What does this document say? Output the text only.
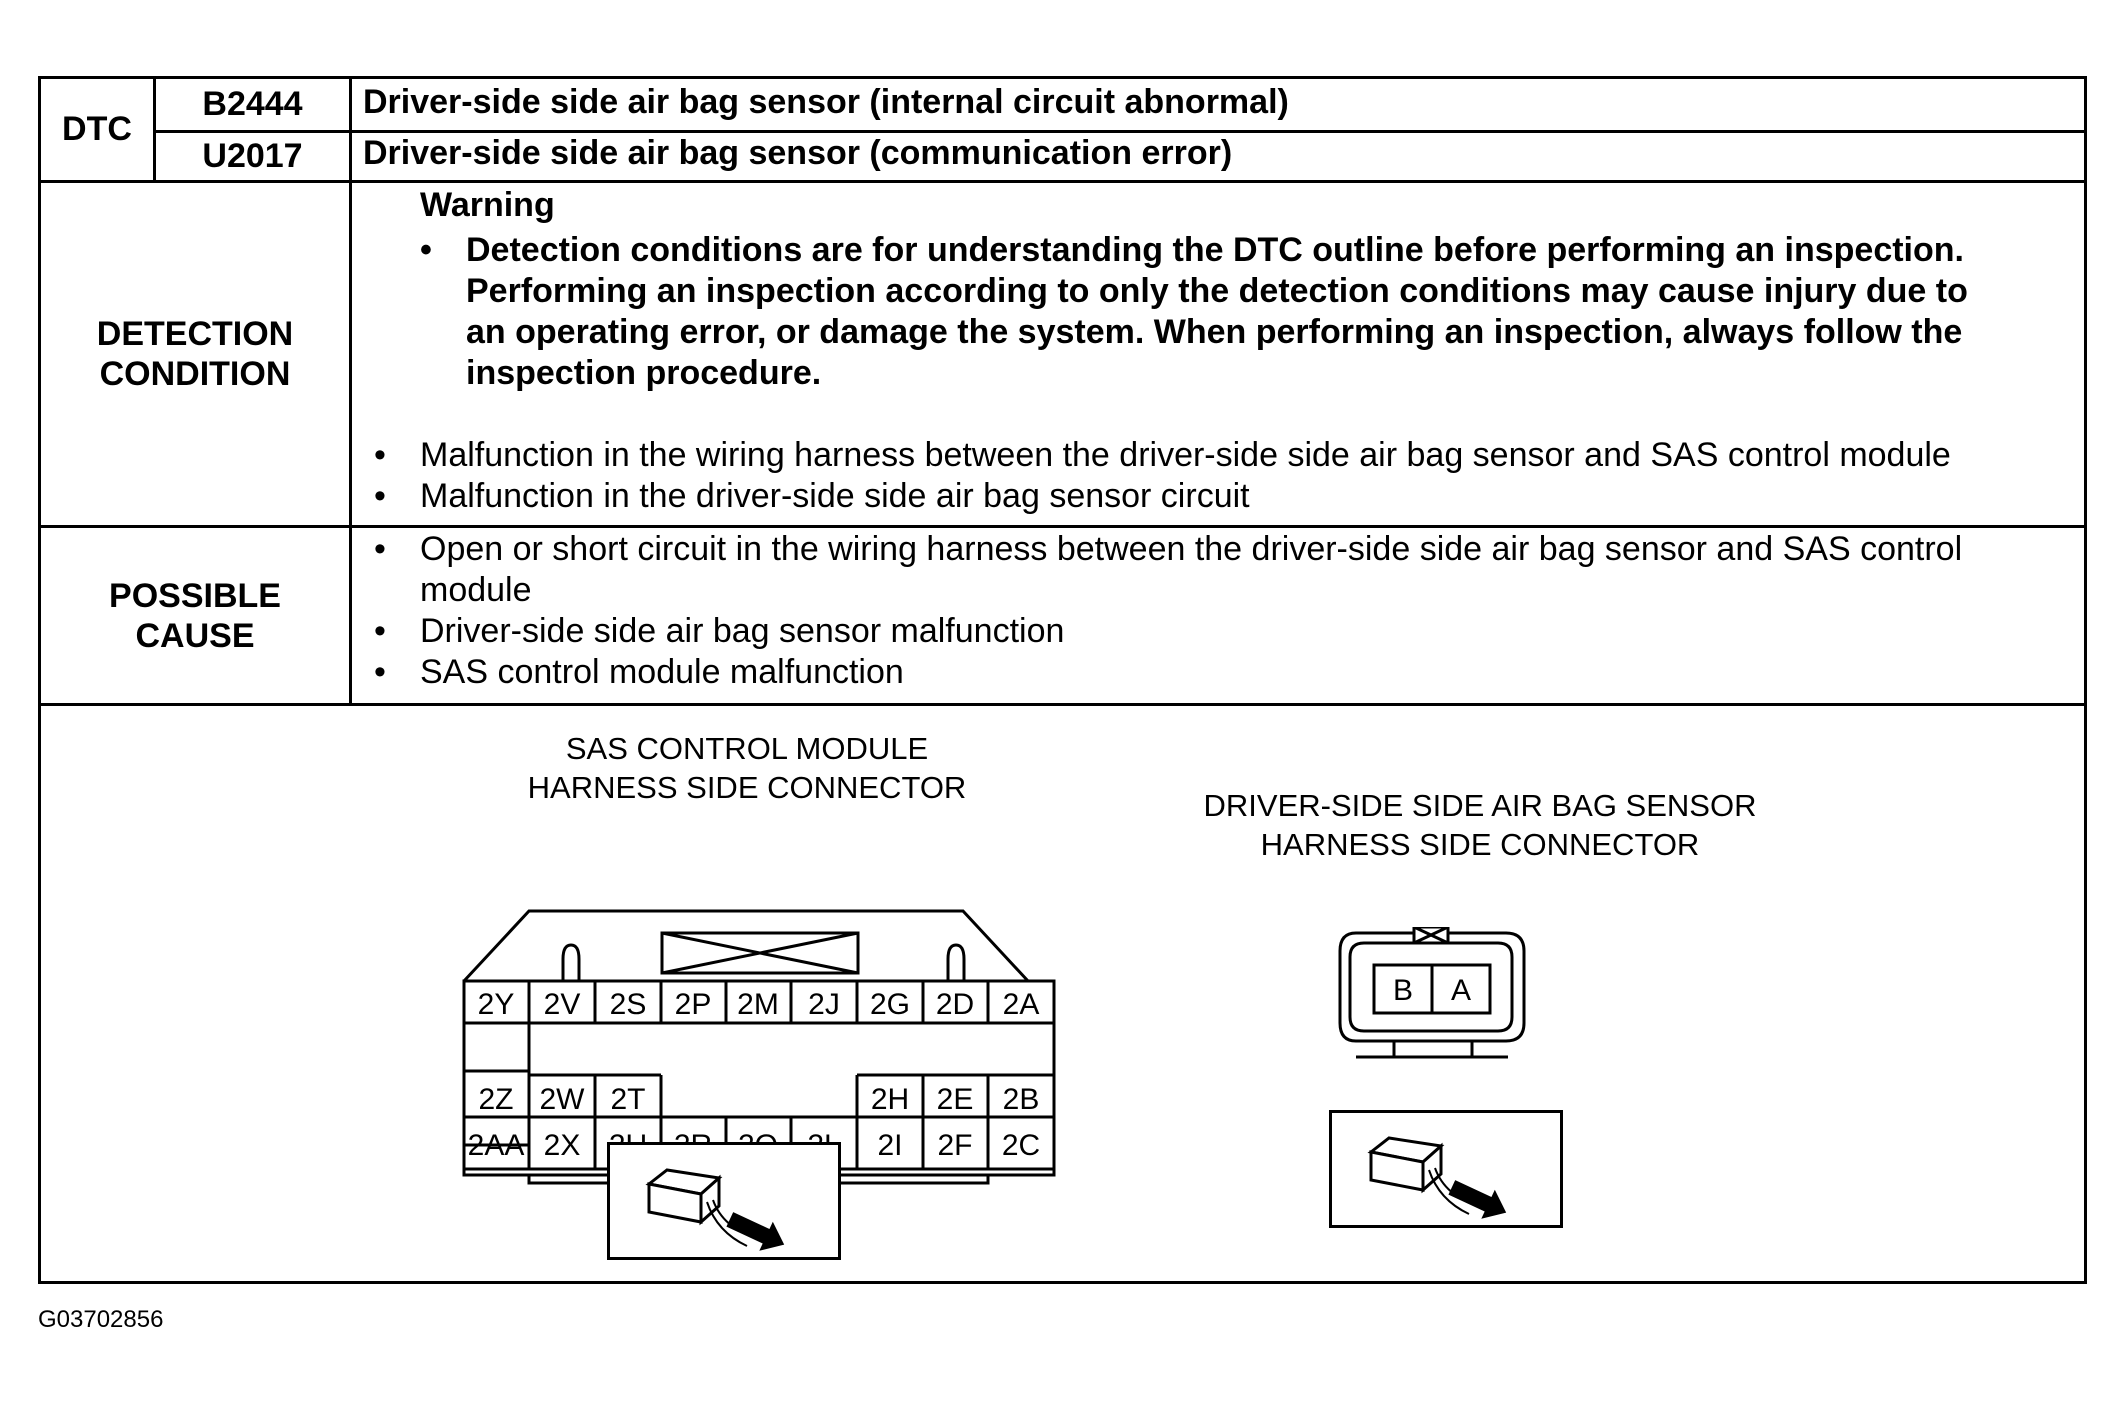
DTC
B2444
U2017
Driver-side side air bag sensor (internal circuit abnormal)
Driver-side side air bag sensor (communication error)
DETECTION
CONDITION
Warning
• Detection conditions are for understanding the DTC outline before performing an inspection.
Performing an inspection according to only the detection conditions may cause injury due to
an operating error, or damage the system. When performing an inspection, always follow the
inspection procedure.
• Malfunction in the wiring harness between the driver-side side air bag sensor and SAS control module
• Malfunction in the driver-side side air bag sensor circuit
POSSIBLE
CAUSE
• Open or short circuit in the wiring harness between the driver-side side air bag sensor and SAS control
module
• Driver-side side air bag sensor malfunction
• SAS control module malfunction
SAS CONTROL MODULE
HARNESS SIDE CONNECTOR
DRIVER-SIDE SIDE AIR BAG SENSOR
HARNESS SIDE CONNECTOR
2Y 2V 2S 2P 2M 2J 2G 2D 2A
2Z 2W 2T	2H 2E 2B
2AA 2X	2I 2F 2C
B A
G03702856
